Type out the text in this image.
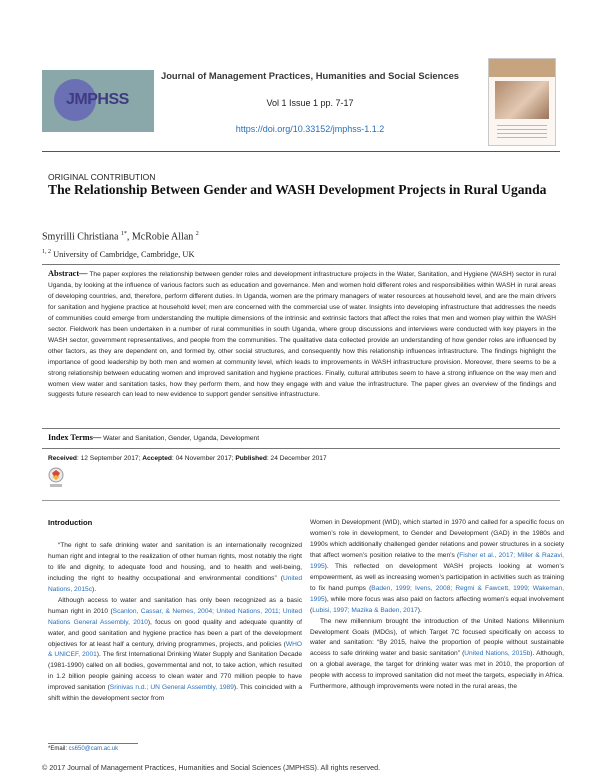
JMPHSS
Journal of Management Practices, Humanities and Social Sciences
Vol 1 Issue 1 pp. 7-17
https://doi.org/10.33152/jmphss-1.1.2
ORIGINAL CONTRIBUTION
The Relationship Between Gender and WASH Development Projects in Rural Uganda
Smyrilli Christiana $^{1*}$, McRobie Allan $^2$
$^{1, 2}$ University of Cambridge, Cambridge, UK
Abstract— The paper explores the relationship between gender roles and development infrastructure projects in the Water, Sanitation, and Hygiene (WASH) sector in rural Uganda, by looking at the influence of various factors such as education and governance. Men and women hold different roles and responsibilities within WASH in rural areas of developing countries, and, therefore, perform different duties. In Uganda, women are the primary managers of water resources at household level, and are the main drivers for sanitation and hygiene practice at household level; men are concerned with the commercial use of water. Insights into developing infrastructure that addresses the needs of communities could emerge from understanding the multiple dimensions of the intrinsic and extrinsic factors that affect the roles that men and women play within the WASH sector. Fieldwork has been undertaken in a number of rural communities in south Uganda, where group discussions and interviews were conducted with key players in the WASH sector, government representatives, and people from the communities. The qualitative data collected provide an understanding of how gender roles are influenced by other factors, as they are dependent on, and formed by, other social structures, and consequently how this relationship influences infrastructure. The findings highlight the importance of good leadership by both men and women at community level, which leads to improvements in WASH infrastructure provision. Moreover, there seems to be a strong relationship between educating women and improved sanitation and hygiene practices. Finally, cultural attributes seem to have a strong influence on the way men and women view water and sanitation tasks, how they perform them, and how they engage with and value the infrastructure. The paper gives an overview of the findings and suggests future research can lead to new evidence to support gender sensitive infrastructure.
Index Terms— Water and Sanitation, Gender, Uganda, Development
Received: 12 September 2017; Accepted: 04 November 2017; Published: 24 December 2017

Introduction

“The right to safe drinking water and sanitation is an internationally recognized human right and integral to the realization of other human rights, most notably the right to life and dignity, to adequate food and housing, and to health and well-being, including the right to healthy occupational and environmental conditions” (United Nations, 2015c).

Although access to water and sanitation has only been recognized as a basic human right in 2010 (Scanlon, Cassar, & Nemes, 2004; United Nations, 2011; United Nations General Assembly, 2010), focus on good quality and adequate quantity of water, and good sanitation and hygiene practice has been a part of the development objectives for at least half a century, driving programmes, projects, and policies (WHO & UNICEF, 2001). The first International Drinking Water Supply and Sanitation Decade (1981-1990) called on all bodies, governmental and not, to take action, which resulted in 1.2 billion people gaining access to clean water and 770 million people to have improved sanitation (Srinivas n.d.; UN General Assembly, 1989). This coincided with a shift within the development sector from

Women in Development (WID), which started in 1970 and called for a specific focus on women’s role in development, to Gender and Development (GAD) in the 1980s and 1990s which additionally challenged gender relations and power structures in a society that affect women’s position relative to the men’s (Fisher et al., 2017; Miller & Razavi, 1995). This reflected on development WASH projects looking at women’s empowerment, as well as increasing women’s participation in activities such as training to fix hand pumps (Baden, 1999; Ivens, 2008; Regmi & Fawcett, 1999; Wakeman, 1995), while more focus was also paid on factors affecting women’s equal involvement (Lubisi, 1997; Mazika & Baden, 2017).

The new millennium brought the introduction of the United Nations Millennium Development Goals (MDGs), of which Target 7C focused specifically on access to water and sanitation: “By 2015, halve the proportion of people without sustainable access to safe drinking water and basic sanitation” (United Nations, 2015b). Although, on a global average, the target for drinking water was met in 2010, the proportion of people with access to improved sanitation did not meet the targets, especially in Africa. Furthermore, although improvements were noted in the rural areas, the

*Email: cs650@cam.ac.uk
© 2017 Journal of Management Practices, Humanities and Social Sciences (JMPHSS). All rights reserved.
